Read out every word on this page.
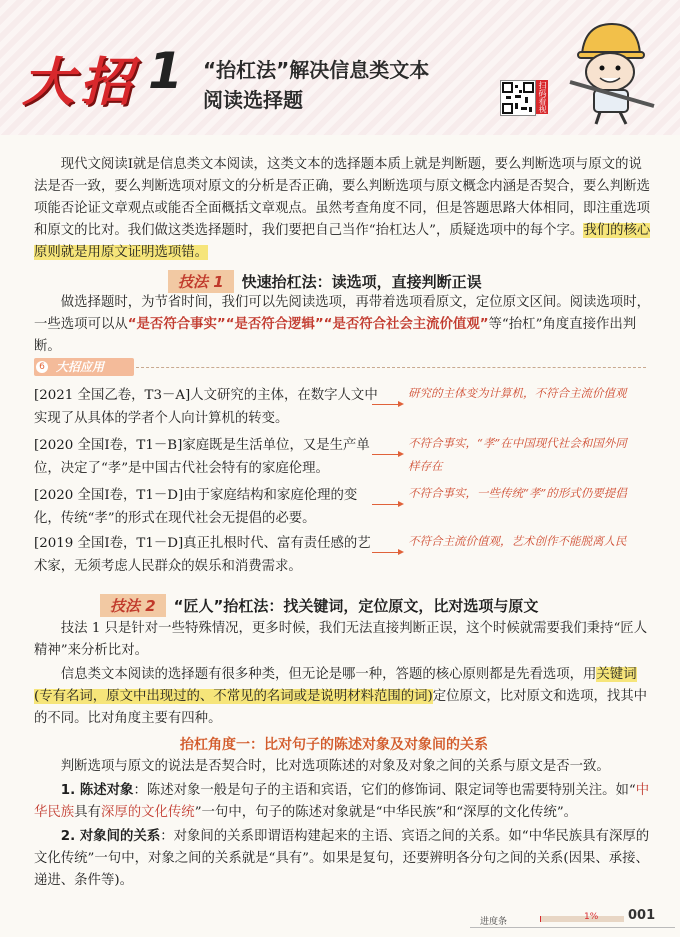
大招 1 “抬杠法”解决信息类文本
阅读选择题	扫码看视频

现代文阅读Ⅰ就是信息类文本阅读，这类文本的选择题本质上就是判断题，要么判断选项与原文的说法是否一致，要么判断选项对原文的分析是否正确，要么判断选项与原文概念内涵是否契合，要么判断选项能否论证文章观点或能否全面概括文章观点。虽然考查角度不同，但是答题思路大体相同，即注重选项和原文的比对。我们做这类选择题时，我们要把自己当作“抬杠达人”，质疑选项中的每个字。我们的核心原则就是用原文证明选项错。

技法 1 快速抬杠法：读选项，直接判断正误

做选择题时，为节省时间，我们可以先阅读选项，再带着选项看原文，定位原文区间。阅读选项时，一些选项可以从“是否符合事实”“是否符合逻辑”“是否符合社会主流价值观”等“抬杠”角度直接作出判断。

大招应用
6
[2021 全国乙卷，T3－A]人文研究的主体，在数字人文中实现了从具体的学者个人向计算机的转变。
研究的主体变为计算机，不符合主流价值观
[2020 全国Ⅰ卷，T1－B]家庭既是生活单位，又是生产单位，决定了“孝”是中国古代社会特有的家庭伦理。
不符合事实，“孝”在中国现代社会和国外同样存在
[2020 全国Ⅰ卷，T1－D]由于家庭结构和家庭伦理的变化，传统“孝”的形式在现代社会无提倡的必要。
不符合事实，一些传统“孝”的形式仍要提倡
[2019 全国Ⅰ卷，T1－D]真正扎根时代、富有责任感的艺术家，无须考虑人民群众的娱乐和消费需求。
不符合主流价值观，艺术创作不能脱离人民
技法 2 “匠人”抬杠法：找关键词，定位原文，比对选项与原文

技法 1 只是针对一些特殊情况，更多时候，我们无法直接判断正误，这个时候就需要我们秉持“匠人精神”来分析比对。

信息类文本阅读的选择题有很多种类，但无论是哪一种，答题的核心原则都是先看选项，用关键词(专有名词，原文中出现过的、不常见的名词或是说明材料范围的词)定位原文，比对原文和选项，找其中的不同。比对角度主要有四种。

抬杠角度一：比对句子的陈述对象及对象间的关系

判断选项与原文的说法是否契合时，比对选项陈述的对象及对象之间的关系与原文是否一致。

1. 陈述对象：陈述对象一般是句子的主语和宾语，它们的修饰词、限定词等也需要特别关注。如“中华民族具有深厚的文化传统”一句中，句子的陈述对象就是“中华民族”和“深厚的文化传统”。

2. 对象间的关系：对象间的关系即谓语构建起来的主语、宾语之间的关系。如“中华民族具有深厚的文化传统”一句中，对象之间的关系就是“具有”。如果是复句，还要辨明各分句之间的关系(因果、承接、递进、条件等)。

进度条	1% 001
